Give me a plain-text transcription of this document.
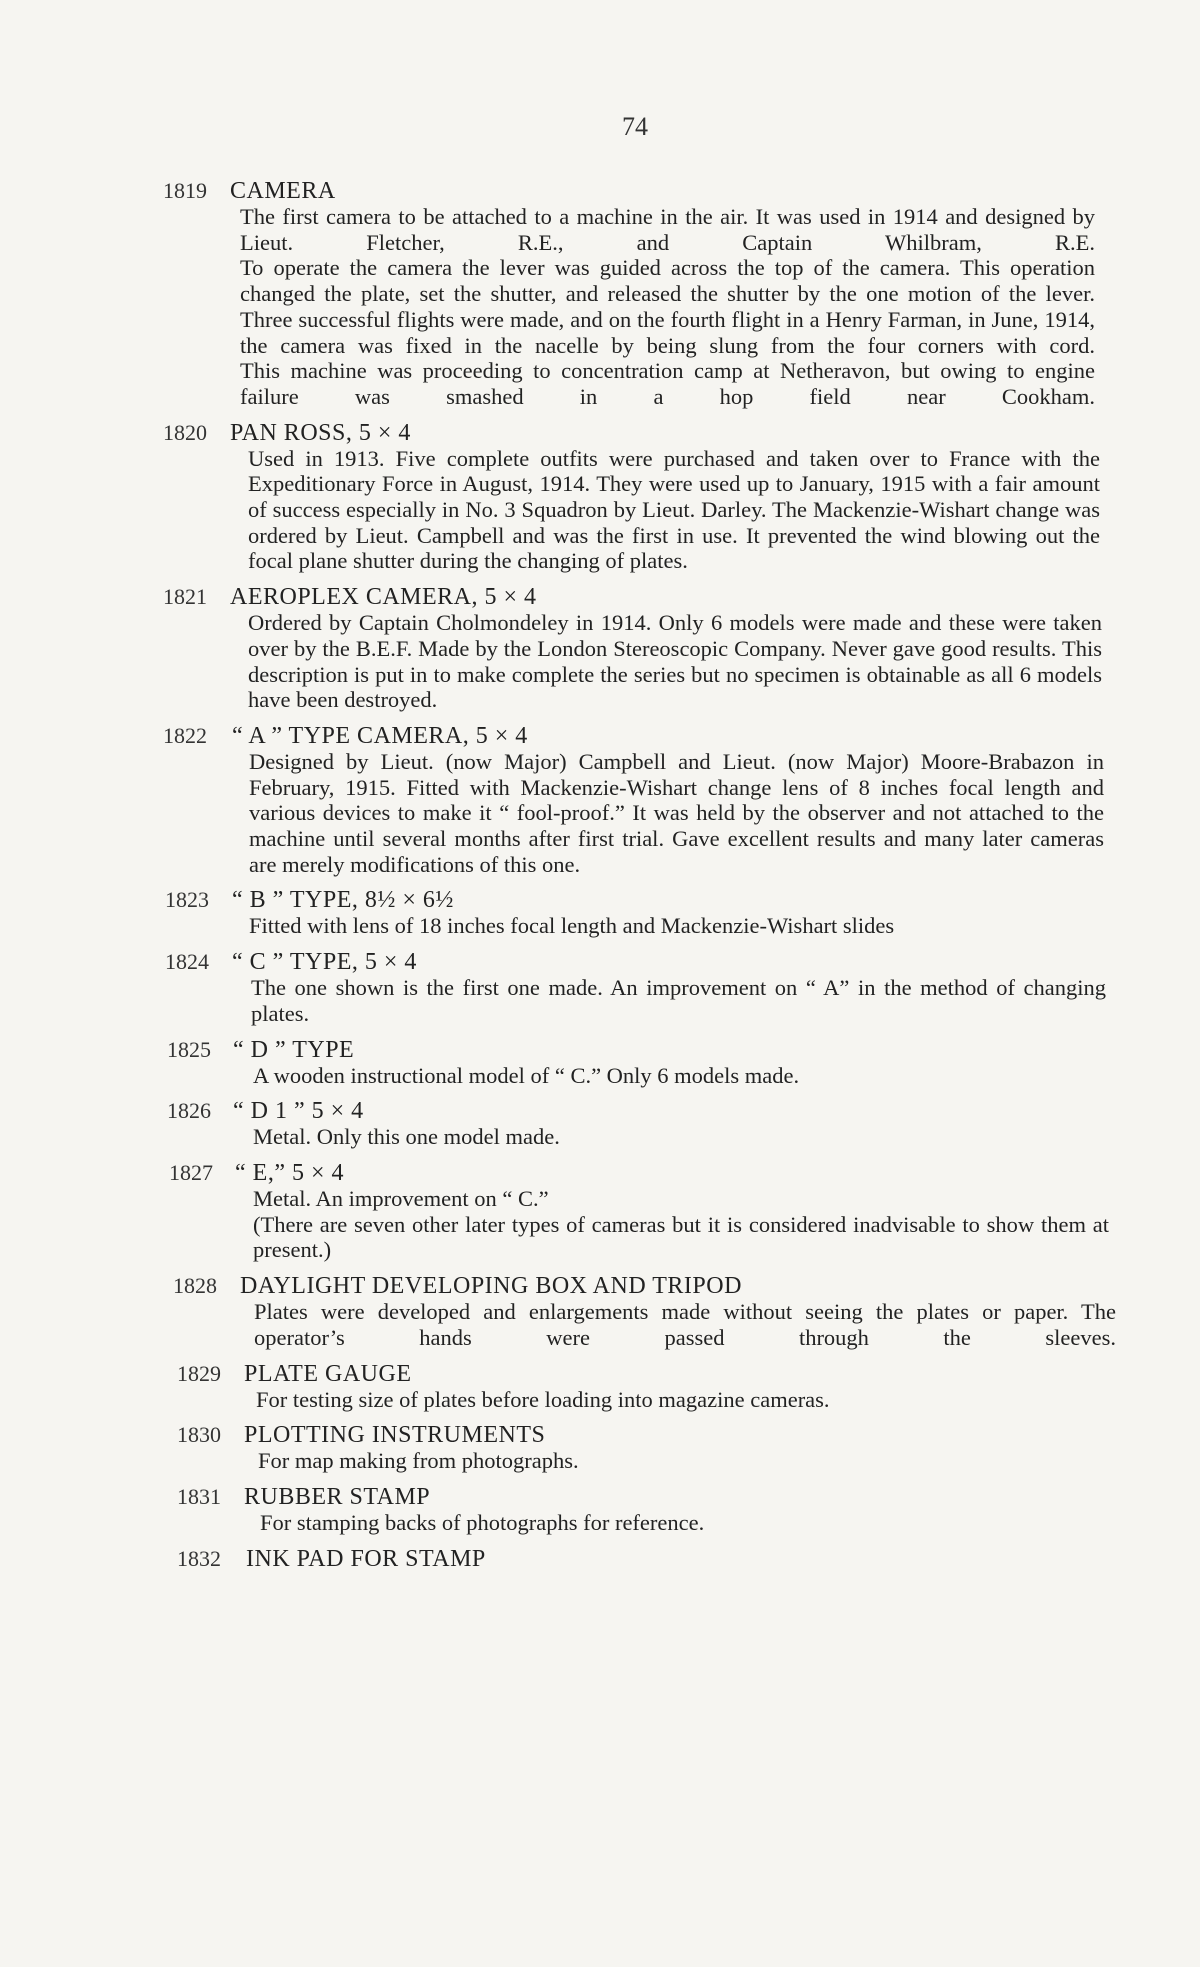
74
1819 CAMERA

The first camera to be attached to a machine in the air. It was used in 1914 and designed by Lieut. Fletcher, R.E., and Captain Whilbram, R.E.

To operate the camera the lever was guided across the top of the camera. This operation changed the plate, set the shutter, and released the shutter by the one motion of the lever.

Three successful flights were made, and on the fourth flight in a Henry Farman, in June, 1914, the camera was fixed in the nacelle by being slung from the four corners with cord.

This machine was proceeding to concentration camp at Netheravon, but owing to engine failure was smashed in a hop field near Cookham.

1820 PAN ROSS, 5 × 4

Used in 1913. Five complete outfits were purchased and taken over to France with the Expeditionary Force in August, 1914. They were used up to January, 1915 with a fair amount of success especially in No. 3 Squadron by Lieut. Darley. The Mackenzie-Wishart change was ordered by Lieut. Campbell and was the first in use. It prevented the wind blowing out the focal plane shutter during the changing of plates.

1821 AEROPLEX CAMERA, 5 × 4

Ordered by Captain Cholmondeley in 1914. Only 6 models were made and these were taken over by the B.E.F. Made by the London Stereoscopic Company. Never gave good results. This description is put in to make complete the series but no specimen is obtainable as all 6 models have been destroyed.

1822 “ A ” TYPE CAMERA, 5 × 4

Designed by Lieut. (now Major) Campbell and Lieut. (now Major) Moore-Brabazon in February, 1915. Fitted with Mackenzie-Wishart change lens of 8 inches focal length and various devices to make it “ fool-proof.” It was held by the observer and not attached to the machine until several months after first trial. Gave excellent results and many later cameras are merely modifications of this one.

1823 “ B ” TYPE, 8½ × 6½

Fitted with lens of 18 inches focal length and Mackenzie-Wishart slides

1824 “ C ” TYPE, 5 × 4

The one shown is the first one made. An improvement on “ A” in the method of changing plates.

1825 “ D ” TYPE

A wooden instructional model of “ C.” Only 6 models made.

1826 “ D 1 ” 5 × 4

Metal. Only this one model made.

1827 “ E,” 5 × 4

Metal. An improvement on “ C.”

(There are seven other later types of cameras but it is considered inadvisable to show them at present.)

1828 DAYLIGHT DEVELOPING BOX AND TRIPOD

Plates were developed and enlargements made without seeing the plates or paper. The operator’s hands were passed through the sleeves.

1829 PLATE GAUGE

For testing size of plates before loading into magazine cameras.

1830 PLOTTING INSTRUMENTS

For map making from photographs.

1831 RUBBER STAMP

For stamping backs of photographs for reference.

1832 INK PAD FOR STAMP
